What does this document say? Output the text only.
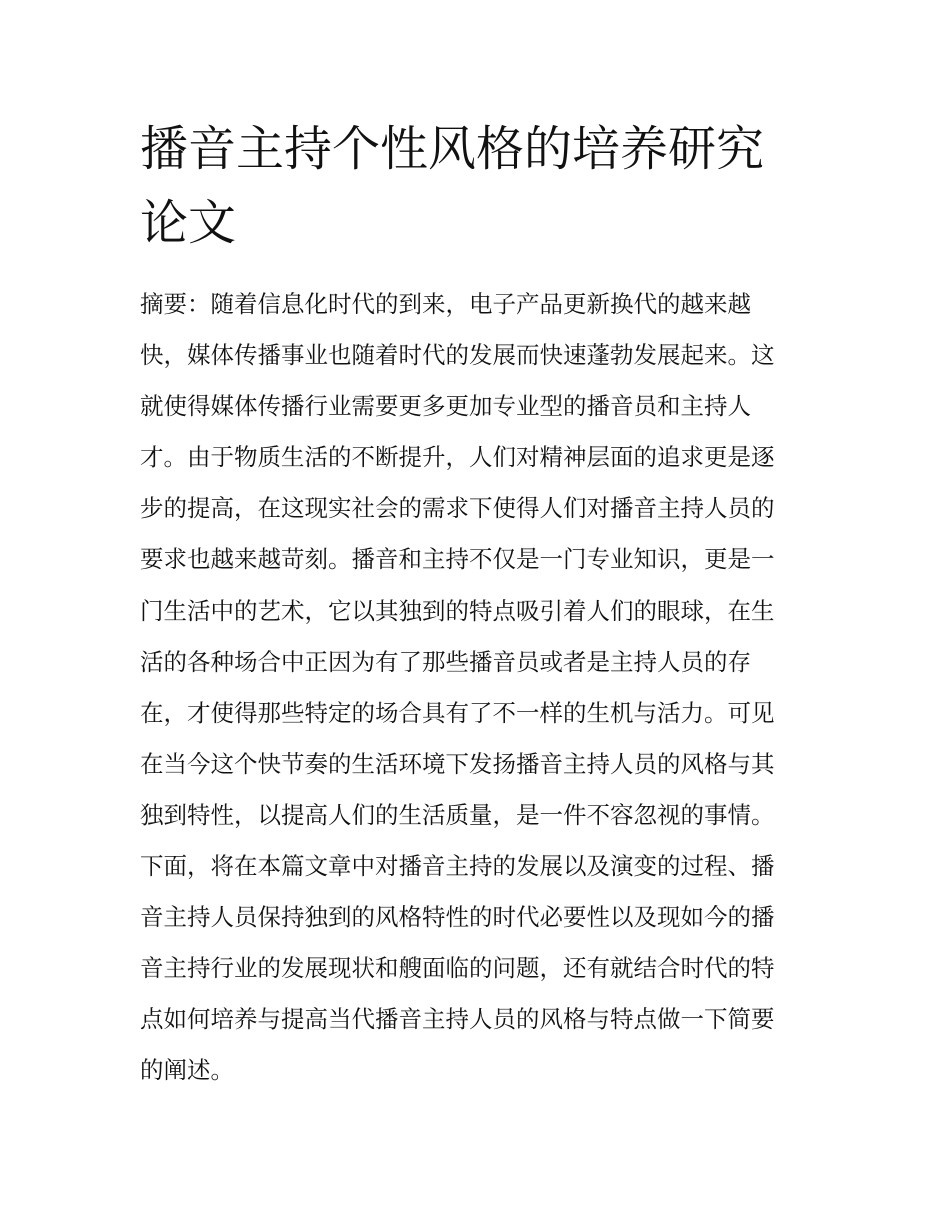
播音主持个性风格的培养研究
论文
摘要：随着信息化时代的到来，电子产品更新换代的越来越
快，媒体传播事业也随着时代的发展而快速蓬勃发展起来。这
就使得媒体传播行业需要更多更加专业型的播音员和主持人
才。由于物质生活的不断提升，人们对精神层面的追求更是逐
步的提高，在这现实社会的需求下使得人们对播音主持人员的
要求也越来越苛刻。播音和主持不仅是一门专业知识，更是一
门生活中的艺术，它以其独到的特点吸引着人们的眼球，在生
活的各种场合中正因为有了那些播音员或者是主持人员的存
在，才使得那些特定的场合具有了不一样的生机与活力。可见
在当今这个快节奏的生活环境下发扬播音主持人员的风格与其
独到特性，以提高人们的生活质量，是一件不容忽视的事情。
下面，将在本篇文章中对播音主持的发展以及演变的过程、播
音主持人员保持独到的风格特性的时代必要性以及现如今的播
音主持行业的发展现状和艘面临的问题，还有就结合时代的特
点如何培养与提高当代播音主持人员的风格与特点做一下简要
的阐述。
